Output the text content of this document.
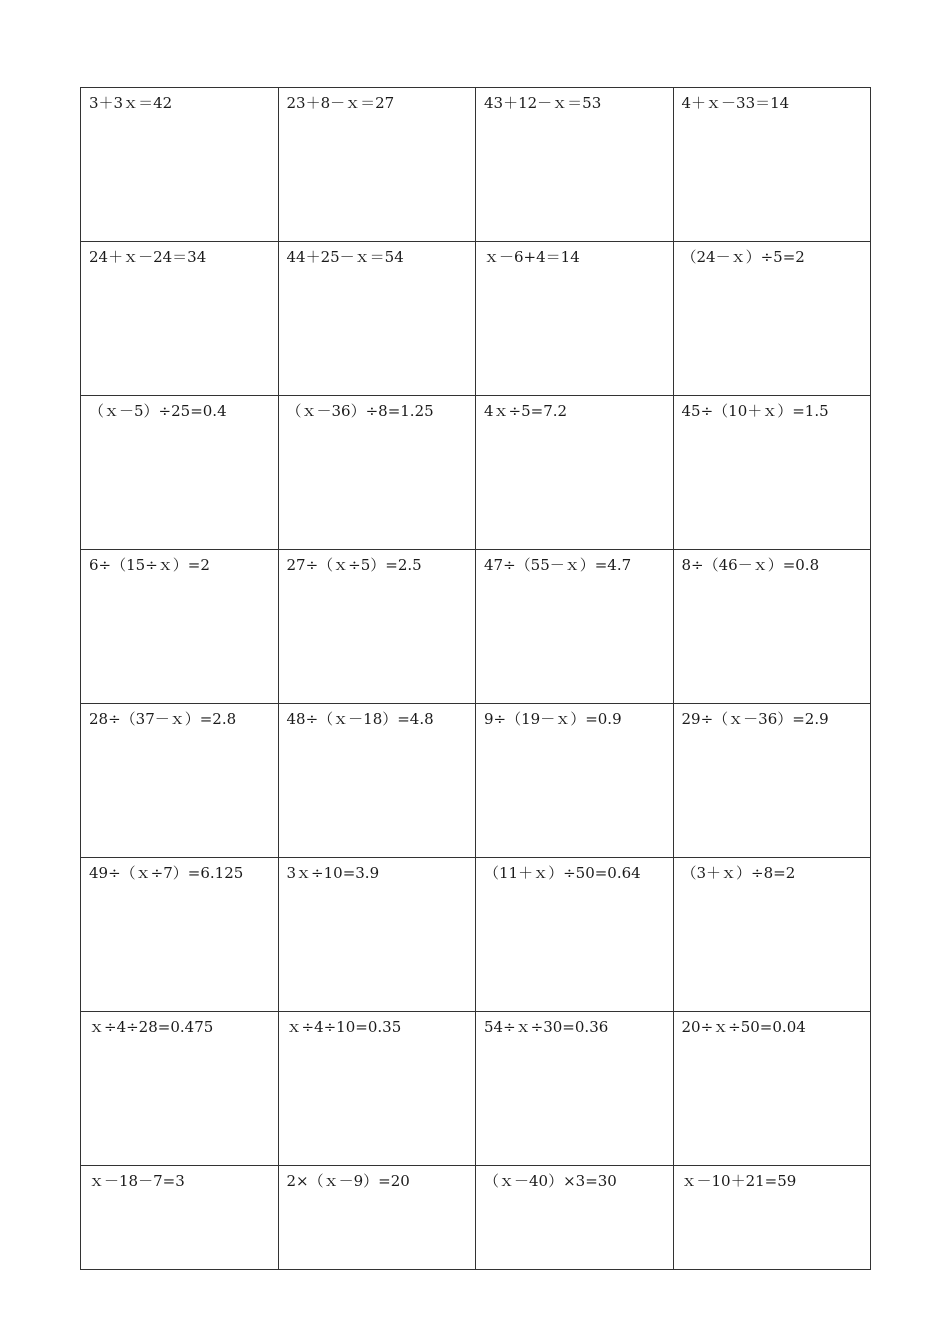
3＋3ｘ＝42	23＋8－ｘ＝27	43＋12－ｘ＝53	4＋ｘ－33＝14
24＋ｘ－24＝34	44＋25－ｘ＝54	ｘ－6+4＝14	（24－ｘ）÷5=2
（ｘ－5）÷25=0.4	（ｘ－36）÷8=1.25	4ｘ÷5=7.2	45÷（10＋ｘ）=1.5
6÷（15÷ｘ）=2	27÷（ｘ÷5）=2.5	47÷（55－ｘ）=4.7	8÷（46－ｘ）=0.8
28÷（37－ｘ）=2.8	48÷（ｘ－18）=4.8	9÷（19－ｘ）=0.9	29÷（ｘ－36）=2.9
49÷（ｘ÷7）=6.125	3ｘ÷10=3.9	（11＋ｘ）÷50=0.64	（3＋ｘ）÷8=2
ｘ÷4÷28=0.475	ｘ÷4÷10=0.35	54÷ｘ÷30=0.36	20÷ｘ÷50=0.04
ｘ－18－7=3	2×（ｘ－9）=20	（ｘ－40）×3=30	ｘ－10＋21=59
